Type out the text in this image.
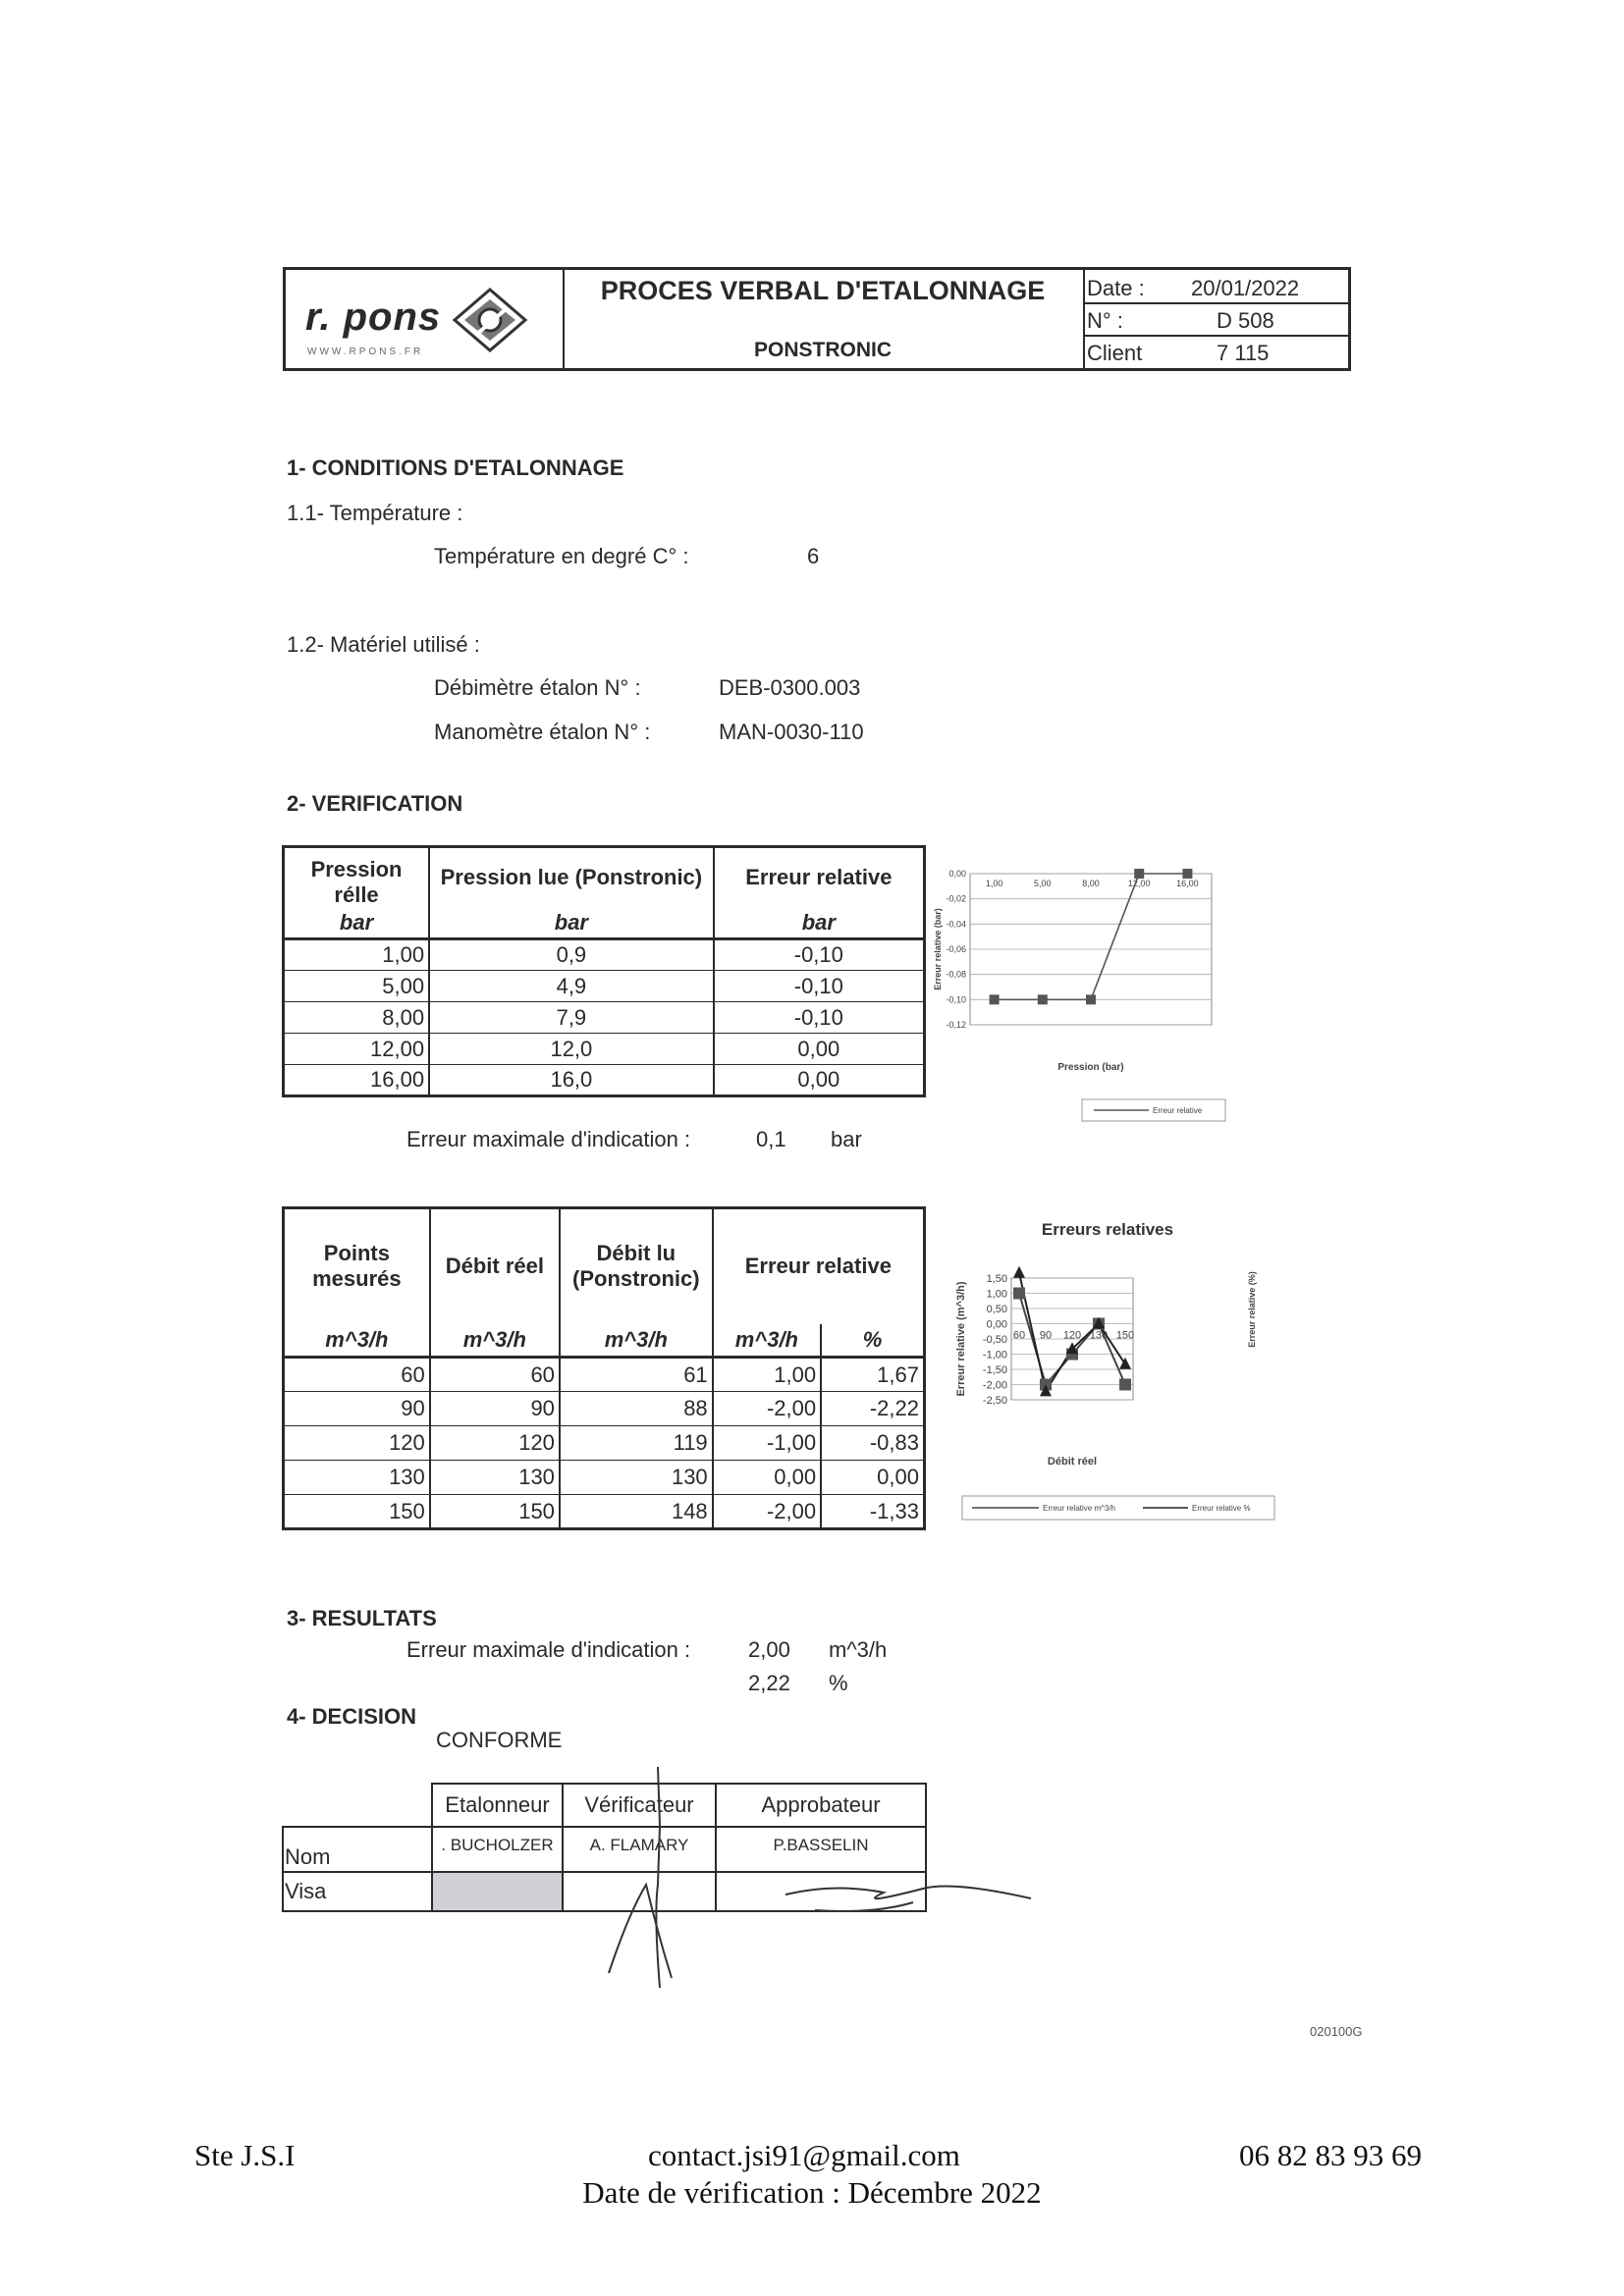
r. pons
WWW.RPONS.FR
PROCES VERBAL D'ETALONNAGE
PONSTRONIC
Date : 20/01/2022
N° :	D 508
Client	7 115
1- CONDITIONS D'ETALONNAGE
1.1- Température :
Température en degré C° :	6
1.2- Matériel utilisé :
Débimètre étalon N° :	DEB-0300.003
Manomètre étalon N° :	MAN-0030-110
2- VERIFICATION
Pression rélle	Pression lue (Ponstronic)	Erreur relative
bar	bar	bar
1,00	0,9	-0,10
5,00	4,9	-0,10
8,00	7,9	-0,10
12,00	12,0	0,00
16,00	16,0	0,00
Erreur maximale d'indication :	0,1 bar
0,00
-0,02
-0,04
-0,06
-0,08
-0,10
-0,12
1,00	5,00	8,00	12,00	16,00
Erreur relative (bar)
Pression (bar)
Erreur relative
Points mesurés	Débit réel	Débit lu (Ponstronic)	Erreur relative	
m^3/h	m^3/h	m^3/h	m^3/h	%
60	60	61	1,00	1,67
90	90	88	-2,00	-2,22
120	120	119	-1,00	-0,83
130	130	130	0,00	0,00
150	150	148	-2,00	-1,33
Erreurs relatives
1,50
1,00
0,50
0,00
-0,50
-1,00
-1,50
-2,00
-2,50
60 90 120 130 150
Erreur relative (m^3/h)	Erreur relative (%)
Débit réel
Erreur relative m^3/h	Erreur relative %
3- RESULTATS
Erreur maximale d'indication :	2,00 m^3/h
2,22 %
4- DECISION
CONFORME
	Etalonneur	Vérificateur	Approbateur
Nom	. BUCHOLZER	A. FLAMARY	P.BASSELIN
Visa			
020100G
Ste J.S.I	contact.jsi91@gmail.com	06 82 83 93 69
Date de vérification : Décembre 2022
